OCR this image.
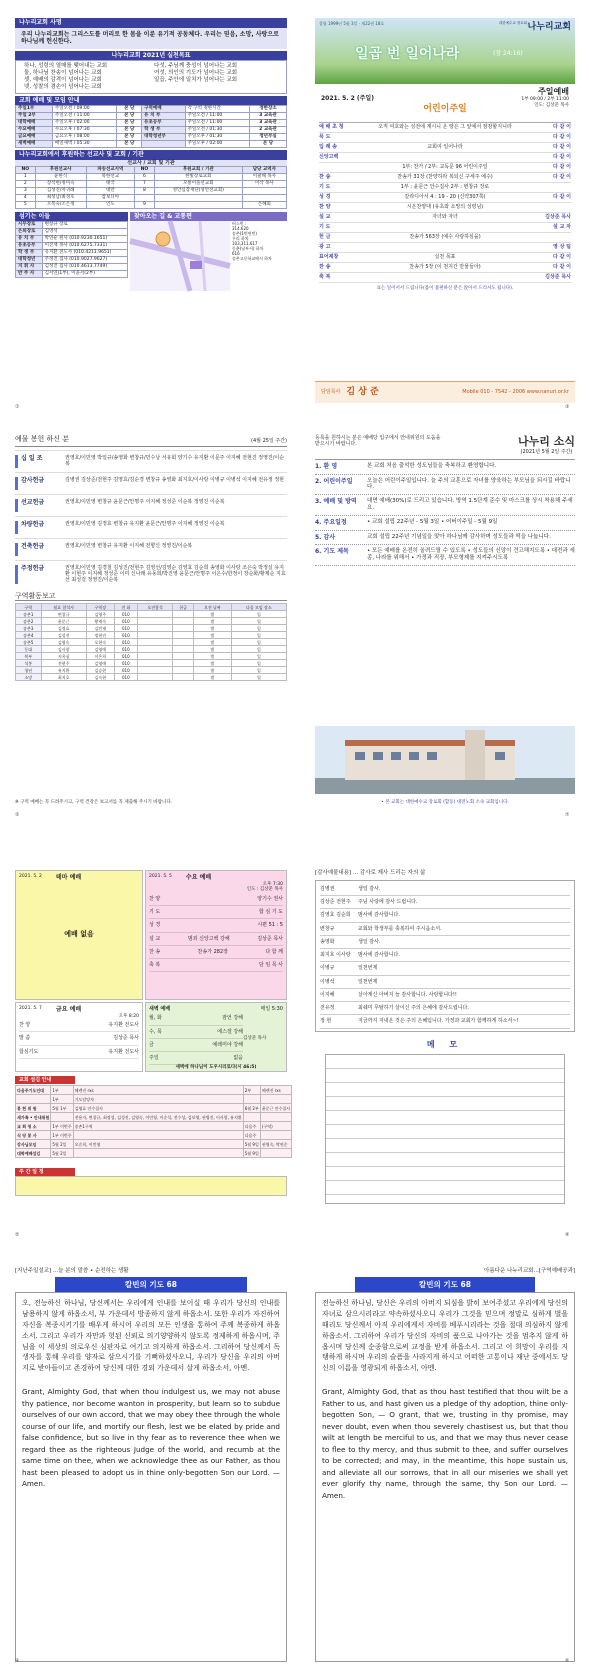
나누리교회 사명
우리 나누리교회는 그리스도를 머리로 한 몸을 이룬 유기적 공동체다. 우리는 믿음, 소망, 사랑으로 하나님께 헌신한다.
나누리교회 2021년 실천목표
하나, 성령의 열매를 맺어내는 교회
둘, 하나님 찬송이 넘어나는 교회
셋, 예배의 감격이 넘어나는 교회
넷, 성찰의 겸손이 넘어나는 교회
다섯, 주님께 충성이 넘어나는 교회
여섯, 의인의 기도가 넘어나는 교회
일곱, 주안에 일치가 넘어나는 교회
교회 예배 및 모임 안내
주일1부	주일오전 / 09:00	본 당	구역예배	각 구역 정한시간	정한장소
주일 2부	주일오전 / 11:00	본 당	유 치 부	주일오전 / 11:00	3 교육관
대학예배	주일오후 / 02:00	본 당	유초등부	주일오전 / 11:00	3 교육관
수요예배	수요오후 / 07:30	본 당	학 생 부	주일오전 / 01:30	2 교육관
금요예배	금요오후 / 08:00	본 당	대학청년부	주일오후 / 01:30	청년부실
새벽예배	매일새벽 / 05:30	본 당		주일오후 / 02:00	본 당
나누리교회에서 후원하는 선교사 및 교회 / 기관
선교사 / 교회 및 기관
NO	후원선교사	파송선교지역	NO	후원교회 / 기관	담당 교역자
1	윤한식	북한선교	6	한빛장로교회	이필해 목사
2	장석현/정미숙	태국	7	모퉁이돌선교회	이삭 목사
3	김성진/차귀례	대만	8	성안심장재단(성안선교회)	
4	최성남/최경호	캄보디아			
5	오복숙/조은정	인도	9		은혜회
섬기는 이들
시무장로	변창규 장로
은퇴장로	김영석
유 치 부	박연순 원사 (010.9230.1651)
유초등부	이진재 목사 (010.6275.7331)
학 생 부	유지환 전도사 (010.4211.9651)
대학청년	주정진 집사 (010.9027.9627)
지 휘 자	김성진 집사 (010.4613.7749)
반 주 자	김서연(1부), 이윤서(2부)
찾아오는 길 & 교통편
버스번 :
314.620
송촌(1번연번)
우리 하차
103,311,617
동춘(남부서) 하차
616
송촌고등학교에서 하차
창립 1999년 5월 3일 · 제22권 18호	나누리교회
대한예수교 장로회
일곱 번 일어나라	(잠 24:16)
2021. 5. 2 (주일)
주일예배
1부 09:00 / 2부 11:00
인도: 김상준 목사
어린이주일
예 배 초 청	오직 여호와는 성전에 계시니 온 땅은 그 앞에서 잠잠할지니라	다 같 이
묵 도	다 같 이
입 례 송	교회여 일어나라	다 같 이
신앙고백	다 같 이
1부: 찬가 / 2부: 교독문 96 어린이주일	다 같 이
찬 송	찬송가 31장 (찬양하라 복되신 구세주 예수)	다 같 이
기 도	1부 : 윤문근 안수집사 2부 : 변창규 장로
성 경	갈라디아서 4 : 19 - 20 (신약307쪽)	다 같 이
찬 양	시온찬양대 (유초와 소망의 성령님)
설 교	자녀와 자녀	김상준 목사
기 도	설 교 자
헌 금	찬송가 563장 (예수 사랑하심을)
광 고	영 상 팀
표어제창	실천 목표	다 같 이
찬 송	찬송가 5장 (이 천지간 만물들아)	다 같 이
축 복	김상준 목사
표는 일어서서 드립니다(몸이 불편하신 분은 앉아서 드리셔도 됩니다).
담임목사 김 상 준	Mobile 010 - 7542 - 2006 www.nanuri.or.kr
예물 봉헌 하신 분	(4월 25일 주간)
십 일 조	권영호/이민영 박일규/송영화 변창규/민수낭 서유회 양기수 유지환 이문주 이지혜 전현진 정영진/이순복
감사헌금	김병권 김상준/전현주 김영효/김순경 변창규 송영화 최지호/이사랑 이병규 이병석 이지혜 전유정 정현
선교헌금	권영호/이민영 변창규 윤문근/안명주 이지혜 정성준 이순복 정영진 이순복
차량헌금	권영호/이민영 김정효 변창규 유지환 윤문근/안명주 이지혜 정영진 이순복
건축헌금	권영호/이민영 변창규 유지환 이지혜 전향신 정영진/이순복
주정헌금	권영호/이민영 김경철 김성진/전현주 김영선/김영순 김영효 김순희 송영화 이사랑 조은숙 박정실 유지환 이현주 이지혜 정성준 이미 신나래 유동희/박진영 윤문근/안명주 이은수/한정이 장순화/황제순 지효선 최성걸 정영진/이순복
구역활동보고
구역	월요 참석자	구역장	전 화	오전참석	헌금	오전 날짜	다음 모임 장소
송촌1	변창규	김영주	010			별	입
송촌2	윤문근	황재숙	010			별	입
송촌3	김정효	김민재	010			별	입
송촌4	김성진	정현진	010			별	입
송촌5	김영숙	오현숙	010			별	입
동대	김사랑	김영애	010			별	입
북부	지옥심	이은희	010			별	입
석봉	전현주	김영애	010			별	입
청년	유지환	김승현	010			별	입
소망	최지호	김숙현	010			별	입
※ 구역 예배는 꼭 드려주시고, 구역 건강은 보고서를 꼭 제출해 주시기 바랍니다.
등록을 원하시는 분은 예배당 입구에서 안내위원의 도움을 받으시기 바랍니다.	나누리 소식
(2021년 5월 2일 주간)
1. 환 영	본 교회 처음 출석한 성도님들을 축복하고 환영합니다.
2. 어린이주일	오늘은 어린이주일입니다. 늘 주의 교훈으로 자녀를 양육하는 부모님을 되시길 바랍니다.
3. 예배 및 방역	대면 예배(30%)로 드리고 있습니다. 방역 1.5단계 준수 및 마스크를 상시 착용해 주세요.
4. 주요일정	• 교회 설립 22주년 - 5월 3일 • 어버이주일 - 5월 9일
5. 감사	교회 설립 22주년 기념일을 맞아 하나님께 감사하며 성도들과 떡을 나눕니다.
6. 기도 제목	• 모든 예배를 온전히 올려드릴 수 있도록 • 성도들의 신앙이 견고해지도록 • 대전과 세종, 나라를 위해서 • 가정과 직장, 부모형제를 지켜주시도록
• 본 교회는 대한예수교 장로회 (합동) 대전노회 소속 교회입니다.
2021. 5. 2 테마 예배
예배 없음
2021. 5. 5 수요 예배
오후 7:30
인도 : 김상준 목사
찬 양	양기수 권사
기 도	합 심 기 도
성 경	시편 51 : 5
설 교	범죄 신앙고백 강해	김상준 목사
찬 송	찬송가 282장	다 함 께
축 복	담 임 목 사
2021. 5. 7 금요 예배
오후 8:20
찬 양	유지환 전도사
말 씀	김상준 목사
합심기도	유지환 전도사
새벽 예배	매일 5:30
월, 화	잠언 강해
수, 목	에스겔 강해
금	예레미야 강해
주일	없음
김상준 목사
새벽에 하나님이 도우시리로다(시 46:5)
교회 섬김 안내
다음주기도인대	1부	헤렌진 rxs	2부	헤렌진 rxs
	1부	기도담당자		
봉 헌 위 원	5월 1부	김영효 안수집사	6월 2부	윤문근 안수집사
새가족 • 안내위원		전용자, 변창규, 최정성, 김성진, 김영숙, 이민영, 이순석, 전수성, 김보영, 권병진, 이사랑, 유지환		
교 회 청 소	1부 이번주	송촌1구역	다음주	(구역)
식 당 봉 사	1부 이번주		다음주	
강사님모임	5월 2일	오순희, 이민영	5월 9일	권영숙, 박연순
대학예배섬김	5월 2일		5월 9일	
주 간 일 정
[감사예물내용] ... 감사로 제사 드리는 자의 삶
김병권	생일 감사.
김상준 전현주	주님 사랑에 감사 드립니다.
김영효 김순희	범사에 감사합니다.
변창규	교회와 학생부를 축복하여 주시옵소서.
송영화	생일 감사.
최지호 이사랑	범사에 감사합니다.
이병규	일천번제
이병석	일천번제
이지혜	살아계신 아버지 늘 감사합니다. 사랑합니다!!
전유정	최쉐미 무탈하기 살이신 주의 은혜에 감사드립니다.
정 현	지금까지 지내온 것은 주의 은혜입니다. 가정과 교회가 함께하게 하소서~!
메 모
[지난주일설교] ...늘 분의 말씀 • 순전하는 생활
칼빈의 기도 68
오, 전능하신 하나님, 당신께서는 우리에게 인내를 보이실 때 우리가 당신의 인내를 남용하지 않게 하옵소서, 부 가운데서 방종하지 않게 하옵소서. 또한 우리가 자진하여 자신을 복종시키기를 배우게 하시어 우리의 모든 인생을 통하여 주께 복종하게 하옵소서. 그리고 우리가 자만과 헛된 신뢰로 의기양양하지 않도록 정제하게 하옵시며, 주님을 이 세상의 의로우신 심판자로 여기고 의지하게 하옵소서. 그리하여 당신께서 독생자를 통해 우리를 양자로 삼으시기를 기뻐하셨사오니, 우리가 당신을 우리의 아버지로 받아들이고 존경하여 당신께 대한 경외 가운데서 살게 하옵소서, 아멘.
Grant, Almighty God, that when thou indulgest us, we may not abuse thy patience, nor become wanton in prosperity, but learn so to subdue ourselves of our own accord, that we may obey thee through the whole course of our life, and mortify our flesh, lest we be elated by pride and false confidence, but so live in thy fear as to reverence thee when we regard thee as the righteous Judge of the world, and recumb at the same time on thee, when we acknowledge thee as our Father, as thou hast been pleased to adopt us in thine only-begotten Son our Lord. — Amen.
아름다운 나누리교회...[구역예배공과]
칼빈의 기도 68
전능하신 하나님, 당신은 우리의 아버지 되심을 밝히 보여주셨고 우리에게 당신의 자녀로 삼으시리라고 약속하셨사오니 우리가 그것을 믿으며 정말로 심하게 벌을 때리도 당신께서 아직 우리에게서 자비를 베푸시리라는 것을 절대 의심하지 않게 하옵소서. 그리하여 우리가 당신의 자비의 품으로 나아가는 것을 멈추지 않게 하옵시며 당신께 순종함으로써 교정을 받게 하옵소서. 그리고 이 희망이 우리를 지탱하게 하시며 우리의 슬픔을 사라지게 하시고 어떠한 고통이나 재난 중에서도 당신의 이름을 영광되게 하옵소서, 아멘.
Grant, Almighty God, that as thou hast testified that thou wilt be a Father to us, and hast given us a pledge of thy adoption, thine only-begotten Son, — O grant, that we, trusting in thy promise, may never doubt, even when thou severely chastisest us, but that thou wilt at length be merciful to us, and that we may thus never cease to flee to thy mercy, and thus submit to thee, and suffer ourselves to be corrected; and may, in the meantime, this hope sustain us, and alleviate all our sorrows, that in all our miseries we shall yet ever glorify thy name, through the same, thy Son our Lord. — Amen.
①	③
②	⑦
⑤	⑧
④	⑥
